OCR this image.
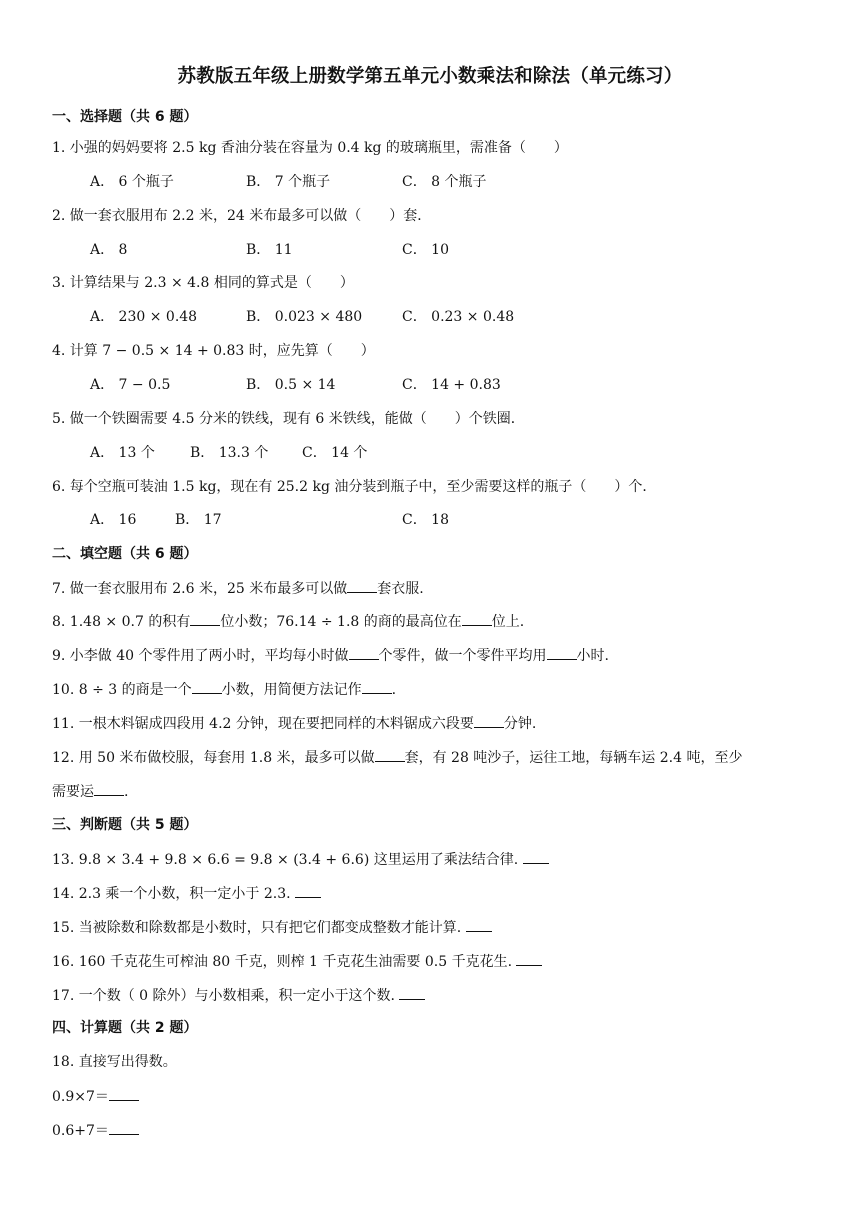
苏教版五年级上册数学第五单元小数乘法和除法（单元练习）
一、选择题（共 6 题）
1. 小强的妈妈要将 2.5 kg 香油分装在容量为 0.4 kg 的玻璃瓶里，需准备（　　）
A． 6 个瓶子	B． 7 个瓶子	C． 8 个瓶子
2. 做一套衣服用布 2.2 米，24 米布最多可以做（　　）套．
A． 8	B． 11	C． 10
3. 计算结果与 2.3 × 4.8 相同的算式是（　　）
A． 230 × 0.48	B． 0.023 × 480	C． 0.23 × 0.48
4. 计算 7 − 0.5 × 14 + 0.83 时，应先算（　　）
A． 7 − 0.5	B． 0.5 × 14	C． 14 + 0.83
5. 做一个铁圈需要 4.5 分米的铁线，现有 6 米铁线，能做（　　）个铁圈．
A． 13 个	B． 13.3 个 C． 14 个
6. 每个空瓶可装油 1.5 kg，现在有 25.2 kg 油分装到瓶子中，至少需要这样的瓶子（　　）个．
A． 16	B． 17	C． 18
二、填空题（共 6 题）
7. 做一套衣服用布 2.6 米，25 米布最多可以做 套衣服.
8. 1.48 × 0.7 的积有 位小数；76.14 ÷ 1.8 的商的最高位在 位上.
9. 小李做 40 个零件用了两小时，平均每小时做 个零件，做一个零件平均用 小时.
10. 8 ÷ 3 的商是一个 小数，用简便方法记作 .
11. 一根木料锯成四段用 4.2 分钟，现在要把同样的木料锯成六段要 分钟.
12. 用 50 米布做校服，每套用 1.8 米，最多可以做 套，有 28 吨沙子，运往工地，每辆车运 2.4 吨，至少
需要运 .
三、判断题（共 5 题）
13. 9.8 × 3.4 + 9.8 × 6.6 = 9.8 × (3.4 + 6.6) 这里运用了乘法结合律.
14. 2.3 乘一个小数，积一定小于 2.3.
15. 当被除数和除数都是小数时，只有把它们都变成整数才能计算.
16. 160 千克花生可榨油 80 千克，则榨 1 千克花生油需要 0.5 千克花生.
17. 一个数（ 0 除外）与小数相乘，积一定小于这个数.
四、计算题（共 2 题）
18. 直接写出得数。
0.9×7＝
0.6+7＝
